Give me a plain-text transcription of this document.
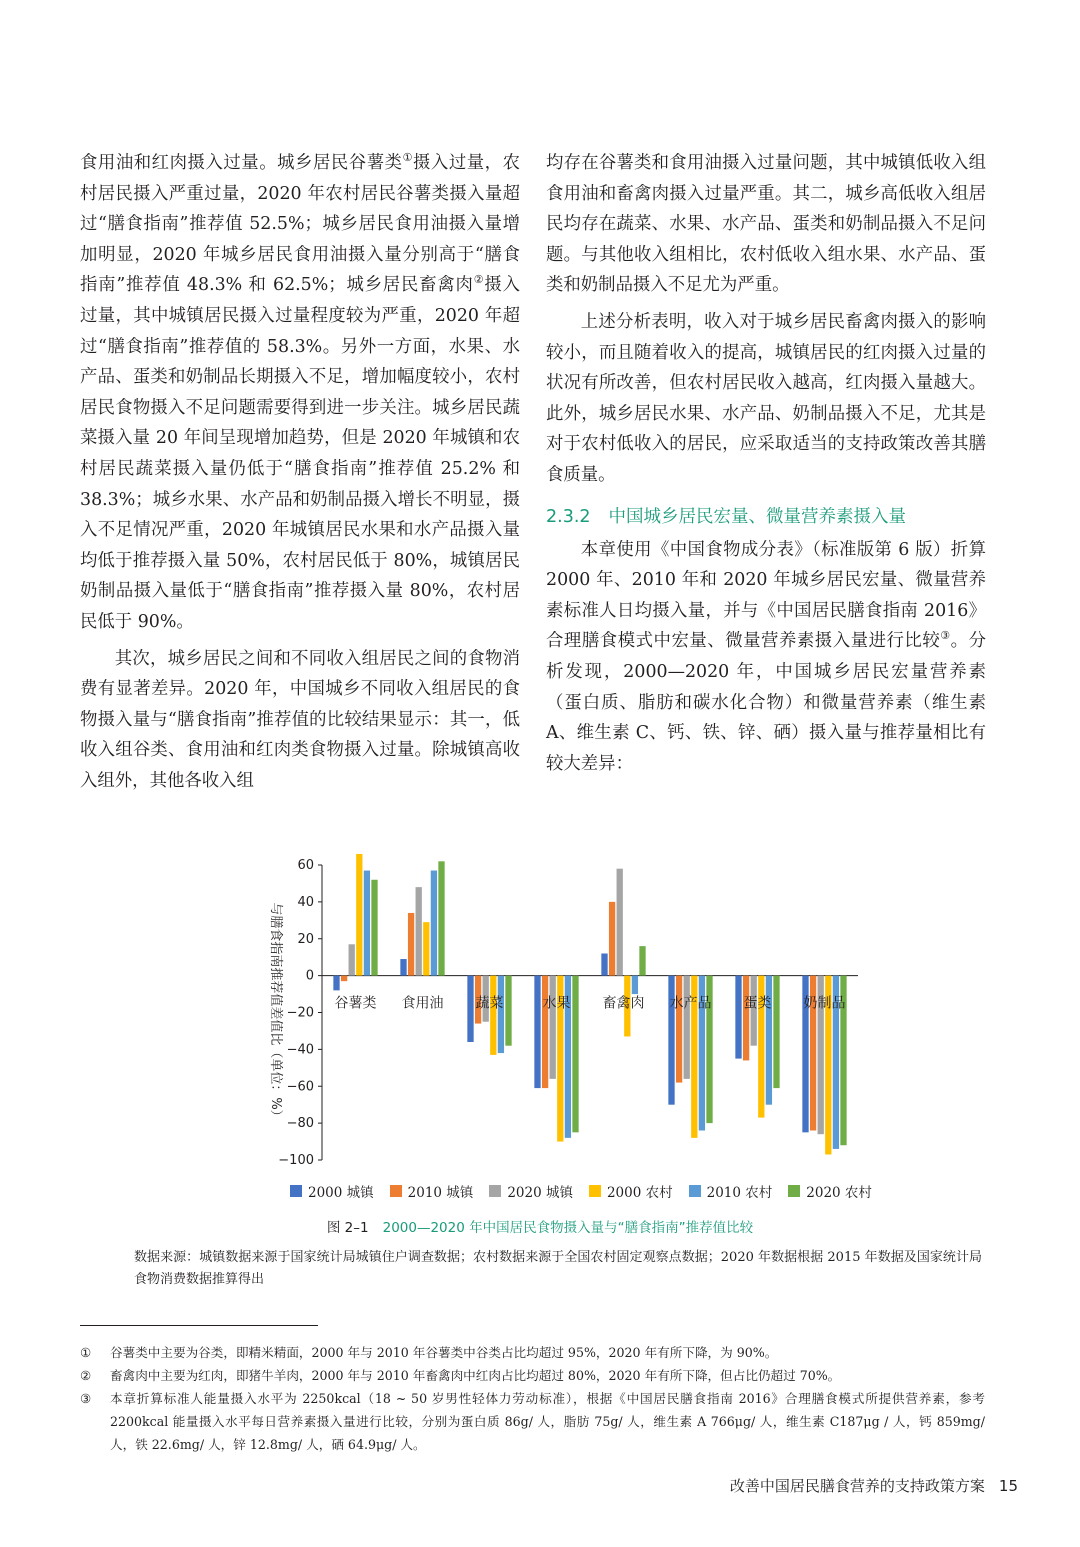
食用油和红肉摄入过量。城乡居民谷薯类①摄入过量，农村居民摄入严重过量，2020 年农村居民谷薯类摄入量超过“膳食指南”推荐值 52.5%；城乡居民食用油摄入量增加明显，2020 年城乡居民食用油摄入量分别高于“膳食指南”推荐值 48.3% 和 62.5%；城乡居民畜禽肉②摄入过量，其中城镇居民摄入过量程度较为严重，2020 年超过“膳食指南”推荐值的 58.3%。另外一方面，水果、水产品、蛋类和奶制品长期摄入不足，增加幅度较小，农村居民食物摄入不足问题需要得到进一步关注。城乡居民蔬菜摄入量 20 年间呈现增加趋势，但是 2020 年城镇和农村居民蔬菜摄入量仍低于“膳食指南”推荐值 25.2% 和 38.3%；城乡水果、水产品和奶制品摄入增长不明显，摄入不足情况严重，2020 年城镇居民水果和水产品摄入量均低于推荐摄入量 50%，农村居民低于 80%，城镇居民奶制品摄入量低于“膳食指南”推荐摄入量 80%，农村居民低于 90%。

其次，城乡居民之间和不同收入组居民之间的食物消费有显著差异。2020 年，中国城乡不同收入组居民的食物摄入量与“膳食指南”推荐值的比较结果显示：其一，低收入组谷类、食用油和红肉类食物摄入过量。除城镇高收入组外，其他各收入组

均存在谷薯类和食用油摄入过量问题，其中城镇低收入组食用油和畜禽肉摄入过量严重。其二，城乡高低收入组居民均存在蔬菜、水果、水产品、蛋类和奶制品摄入不足问题。与其他收入组相比，农村低收入组水果、水产品、蛋类和奶制品摄入不足尤为严重。

上述分析表明，收入对于城乡居民畜禽肉摄入的影响较小，而且随着收入的提高，城镇居民的红肉摄入过量的状况有所改善，但农村居民收入越高，红肉摄入量越大。此外，城乡居民水果、水产品、奶制品摄入不足，尤其是对于农村低收入的居民，应采取适当的支持政策改善其膳食质量。

2.3.2 中国城乡居民宏量、微量营养素摄入量

本章使用《中国食物成分表》（标准版第 6 版）折算 2000 年、2010 年和 2020 年城乡居民宏量、微量营养素标准人日均摄入量，并与《中国居民膳食指南 2016》合理膳食模式中宏量、微量营养素摄入量进行比较③。分析发现，2000—2020 年，中国城乡居民宏量营养素（蛋白质、脂肪和碳水化合物）和微量营养素（维生素 A、维生素 C、钙、铁、锌、硒）摄入量与推荐量相比有较大差异：

60
40
20
0
−20
−40
−60
−80
−100
与膳食指南推荐值差值比（单位：%）	谷薯类 食用油 蔬菜	水果 畜禽肉 水产品 蛋类 奶制品
2000 城镇	2010 城镇	2020 城镇	2000 农村	2010 农村	2020 农村
图 2–1 2000—2020 年中国居民食物摄入量与“膳食指南”推荐值比较
数据来源：城镇数据来源于国家统计局城镇住户调查数据；农村数据来源于全国农村固定观察点数据；2020 年数据根据 2015 年数据及国家统计局食物消费数据推算得出
①	谷薯类中主要为谷类，即精米精面，2000 年与 2010 年谷薯类中谷类占比均超过 95%，2020 年有所下降，为 90%。
②	畜禽肉中主要为红肉，即猪牛羊肉，2000 年与 2010 年畜禽肉中红肉占比均超过 80%，2020 年有所下降，但占比仍超过 70%。
③	本章折算标准人能量摄入水平为 2250kcal（18 ~ 50 岁男性轻体力劳动标准），根据《中国居民膳食指南 2016》合理膳食模式所提供营养素，参考 2200kcal 能量摄入水平每日营养素摄入量进行比较，分别为蛋白质 86g/ 人，脂肪 75g/ 人，维生素 A 766μg/ 人，维生素 C187μg / 人，钙 859mg/ 人，铁 22.6mg/ 人，锌 12.8mg/ 人，硒 64.9μg/ 人。
改善中国居民膳食营养的支持政策方案 15
